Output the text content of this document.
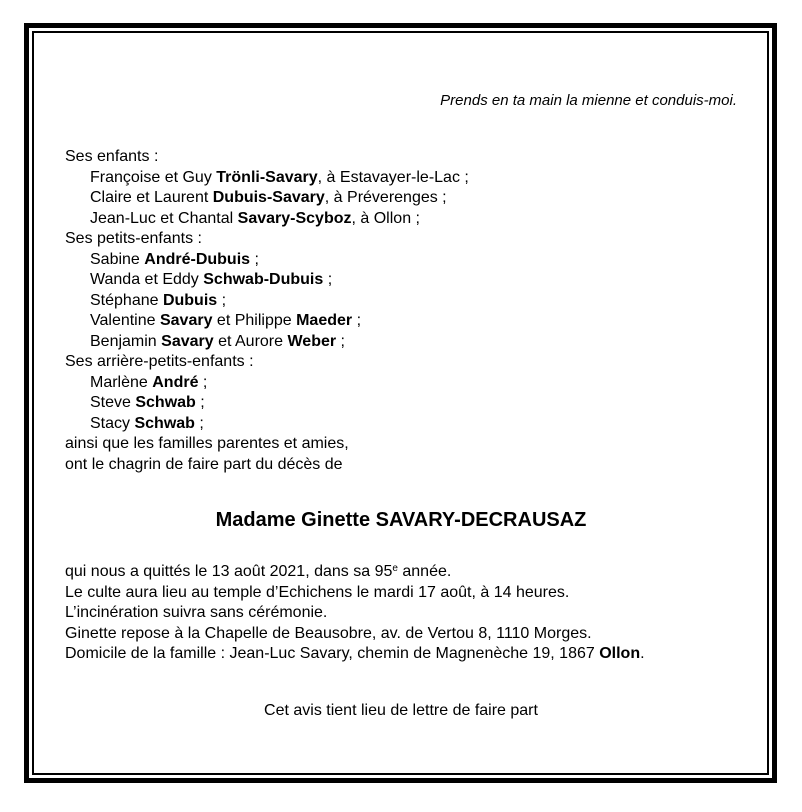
Prends en ta main la mienne et conduis-moi.
Ses enfants :
Françoise et Guy Trönli-Savary, à Estavayer-le-Lac ;
Claire et Laurent Dubuis-Savary, à Préverenges ;
Jean-Luc et Chantal Savary-Scyboz, à Ollon ;
Ses petits-enfants :
Sabine André-Dubuis ;
Wanda et Eddy Schwab-Dubuis ;
Stéphane Dubuis ;
Valentine Savary et Philippe Maeder ;
Benjamin Savary et Aurore Weber ;
Ses arrière-petits-enfants :
Marlène André ;
Steve Schwab ;
Stacy Schwab ;
ainsi que les familles parentes et amies,
ont le chagrin de faire part du décès de
Madame Ginette SAVARY-DECRAUSAZ
qui nous a quittés le 13 août 2021, dans sa 95e année.
Le culte aura lieu au temple d’Echichens le mardi 17 août, à 14 heures.
L’incinération suivra sans cérémonie.
Ginette repose à la Chapelle de Beausobre, av. de Vertou 8, 1110 Morges.
Domicile de la famille : Jean-Luc Savary, chemin de Magnenèche 19, 1867 Ollon.
Cet avis tient lieu de lettre de faire part
